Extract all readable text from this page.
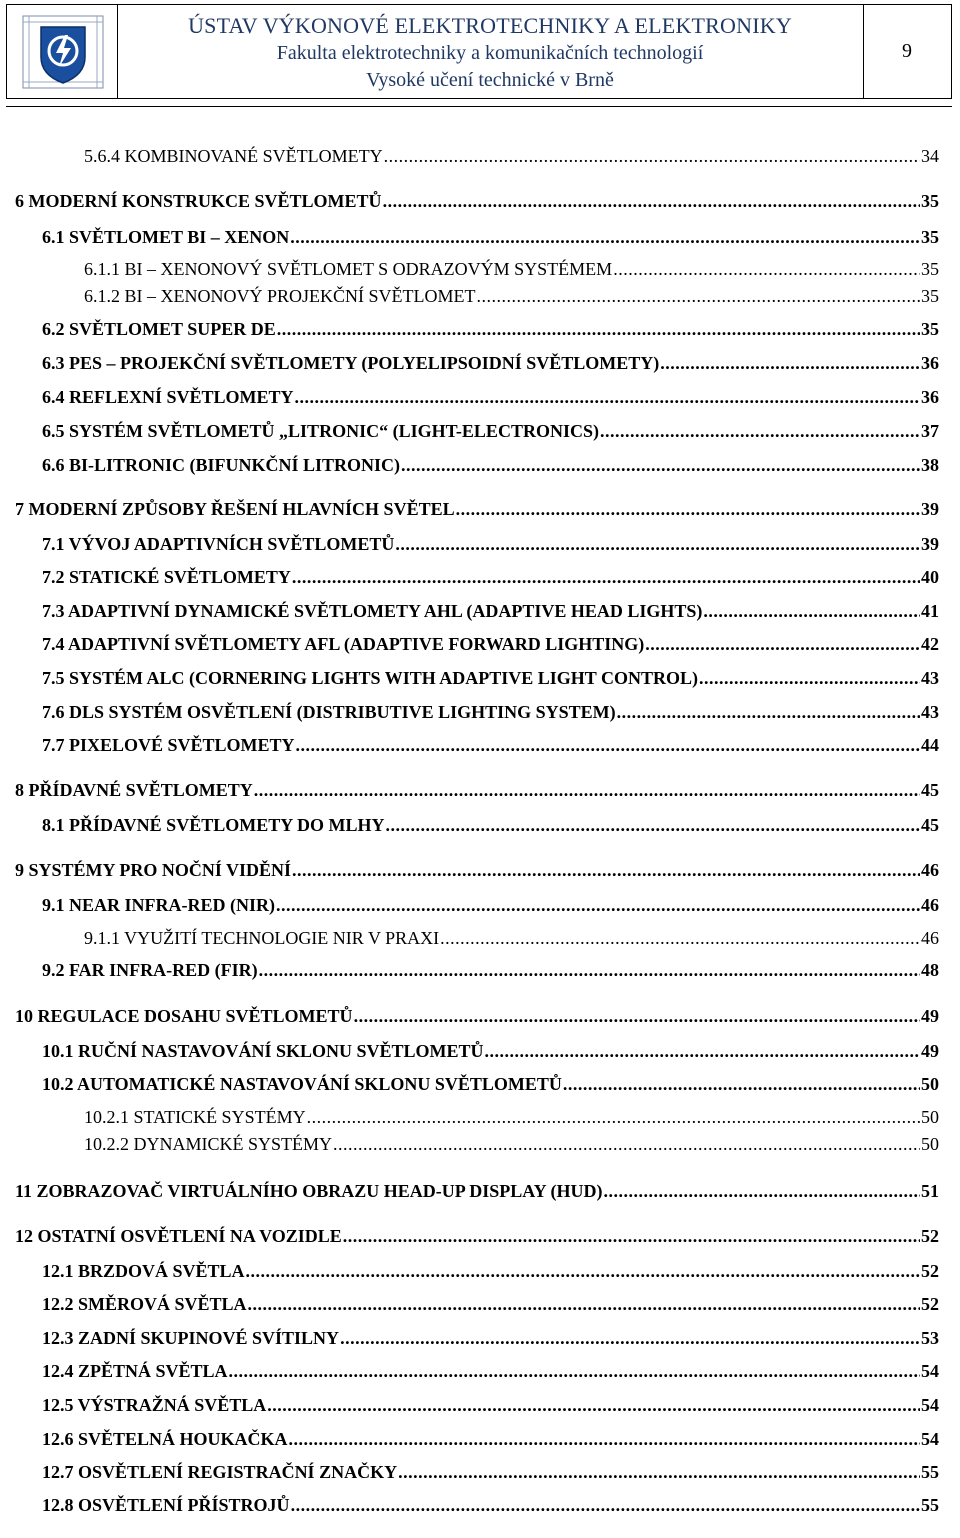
ÚSTAV VÝKONOVÉ ELEKTROTECHNIKY A ELEKTRONIKY
Fakulta elektrotechniky a komunikačních technologií
Vysoké učení technické v Brně
9
5.6.4 KOMBINOVANÉ SVĚTLOMETY .....	34
6 MODERNÍ KONSTRUKCE SVĚTLOMETŮ .....	35
6.1 SVĚTLOMET BI – XENON .....	35
6.1.1 BI – XENONOVÝ SVĚTLOMET S ODRAZOVÝM SYSTÉMEM .....	35
6.1.2 BI – XENONOVÝ PROJEKČNÍ SVĚTLOMET .....	35
6.2 SVĚTLOMET SUPER DE .....	35
6.3 PES – PROJEKČNÍ SVĚTLOMETY (POLYELIPSOIDNÍ SVĚTLOMETY) .....	36
6.4 REFLEXNÍ SVĚTLOMETY .....	36
6.5 SYSTÉM SVĚTLOMETŮ „LITRONIC“ (LIGHT-ELECTRONICS) .....	37
6.6 BI-LITRONIC (BIFUNKČNÍ LITRONIC) .....	38
7 MODERNÍ ZPŮSOBY ŘEŠENÍ HLAVNÍCH SVĚTEL .....	39
7.1 VÝVOJ ADAPTIVNÍCH SVĚTLOMETŮ .....	39
7.2 STATICKÉ SVĚTLOMETY .....	40
7.3 ADAPTIVNÍ DYNAMICKÉ SVĚTLOMETY AHL (ADAPTIVE HEAD LIGHTS) .....	41
7.4 ADAPTIVNÍ SVĚTLOMETY AFL (ADAPTIVE FORWARD LIGHTING) .....	42
7.5 SYSTÉM ALC (CORNERING LIGHTS WITH ADAPTIVE LIGHT CONTROL) .....	43
7.6 DLS SYSTÉM OSVĚTLENÍ (DISTRIBUTIVE LIGHTING SYSTEM) .....	43
7.7 PIXELOVÉ SVĚTLOMETY .....	44
8 PŘÍDAVNÉ SVĚTLOMETY .....	45
8.1 PŘÍDAVNÉ SVĚTLOMETY DO MLHY .....	45
9 SYSTÉMY PRO NOČNÍ VIDĚNÍ .....	46
9.1 NEAR INFRA-RED (NIR) .....	46
9.1.1 VYUŽITÍ TECHNOLOGIE NIR V PRAXI .....	46
9.2 FAR INFRA-RED (FIR) .....	48
10 REGULACE DOSAHU SVĚTLOMETŮ .....	49
10.1 RUČNÍ NASTAVOVÁNÍ SKLONU SVĚTLOMETŮ .....	49
10.2 AUTOMATICKÉ NASTAVOVÁNÍ SKLONU SVĚTLOMETŮ .....	50
10.2.1 STATICKÉ SYSTÉMY .....	50
10.2.2 DYNAMICKÉ SYSTÉMY .....	50
11 ZOBRAZOVAČ VIRTUÁLNÍHO OBRAZU HEAD-UP DISPLAY (HUD) .....	51
12 OSTATNÍ OSVĚTLENÍ NA VOZIDLE .....	52
12.1 BRZDOVÁ SVĚTLA .....	52
12.2 SMĚROVÁ SVĚTLA .....	52
12.3 ZADNÍ SKUPINOVÉ SVÍTILNY .....	53
12.4 ZPĚTNÁ SVĚTLA .....	54
12.5 VÝSTRAŽNÁ SVĚTLA .....	54
12.6 SVĚTELNÁ HOUKAČKA .....	54
12.7 OSVĚTLENÍ REGISTRAČNÍ ZNAČKY .....	55
12.8 OSVĚTLENÍ PŘÍSTROJŮ .....	55
